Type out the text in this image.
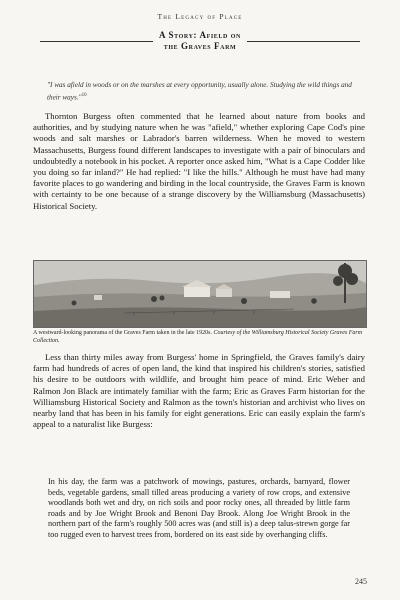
The Legacy of Place
A Story: Afield on
the Graves Farm
"I was afield in woods or on the marshes at every opportunity, usually alone. Studying the wild things and their ways."$^{10}$

Thornton Burgess often commented that he learned about nature from books and authorities, and by studying nature when he was "afield," whether exploring Cape Cod's pine woods and salt marshes or Labrador's barren wilderness. When he moved to western Massachusetts, Burgess found different landscapes to investigate with a pair of binoculars and undoubtedly a notebook in his pocket. A reporter once asked him, "What is a Cape Codder like you doing so far inland?" He had replied: "I like the hills." Although he must have had many favorite places to go wandering and birding in the local countryside, the Graves Farm is known with certainty to be one because of a strange discovery by the Williamsburg (Massachusetts) Historical Society.

A westward-looking panorama of the Graves Farm taken in the late 1920s. Courtesy of the Williamsburg Historical Society Graves Farm Collection.

Less than thirty miles away from Burgess' home in Springfield, the Graves family's dairy farm had hundreds of acres of open land, the kind that inspired his children's stories, satisfied his desire to be outdoors with wildlife, and brought him peace of mind. Eric Weber and Ralmon Jon Black are intimately familiar with the farm; Eric as Graves Farm historian for the Williamsburg Historical Society and Ralmon as the town's historian and archivist who lives on nearby land that has been in his family for eight generations. Eric can easily explain the farm's appeal to a naturalist like Burgess:

In his day, the farm was a patchwork of mowings, pastures, orchards, barnyard, flower beds, vegetable gardens, small tilled areas producing a variety of row crops, and extensive woodlands both wet and dry, on rich soils and poor rocky ones, all threaded by little farm roads and by Joe Wright Brook and Benoni Day Brook. Along Joe Wright Brook in the northern part of the farm's roughly 500 acres was (and still is) a deep talus-strewn gorge far too rugged even to harvest trees from, bordered on its east side by overhanging cliffs.

245
